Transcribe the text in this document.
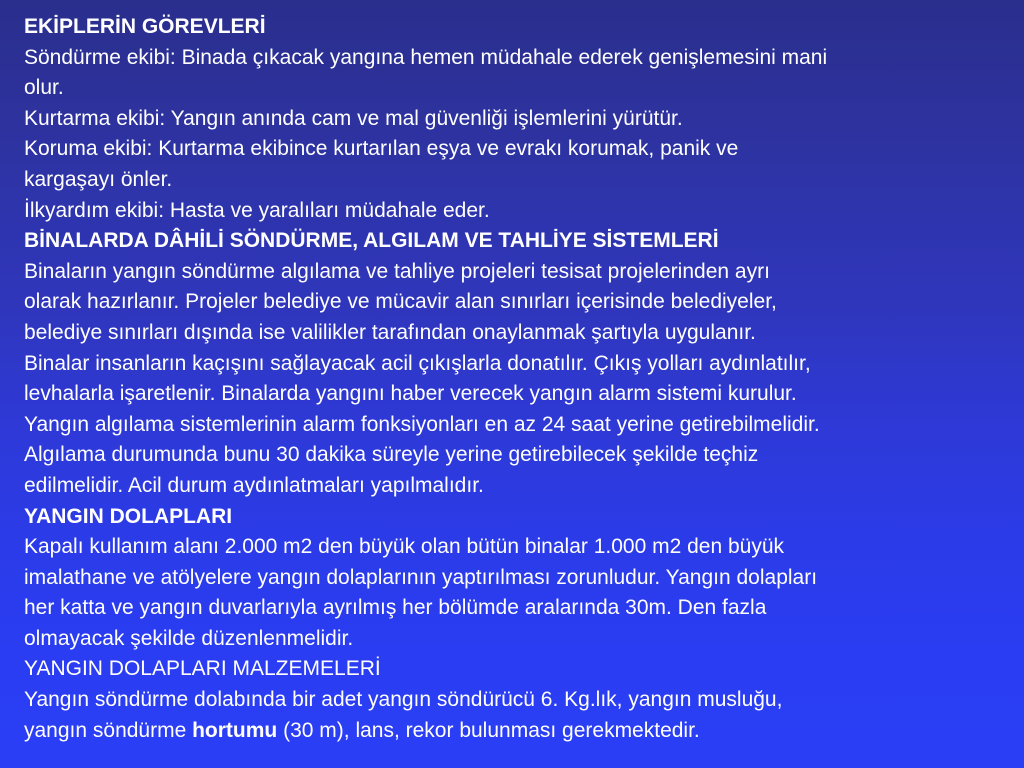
EKİPLERİN GÖREVLERİ
Söndürme ekibi: Binada çıkacak yangına hemen müdahale ederek genişlemesini mani
olur.
Kurtarma ekibi: Yangın anında cam ve mal güvenliği işlemlerini yürütür.
Koruma ekibi: Kurtarma ekibince kurtarılan eşya ve evrakı korumak, panik ve
kargaşayı önler.
İlkyardım ekibi: Hasta ve yaralıları müdahale eder.
BİNALARDA DÂHİLİ SÖNDÜRME, ALGILAM VE TAHLİYE SİSTEMLERİ
Binaların yangın söndürme algılama ve tahliye projeleri tesisat projelerinden ayrı
olarak hazırlanır. Projeler belediye ve mücavir alan sınırları içerisinde belediyeler,
belediye sınırları dışında ise valilikler tarafından onaylanmak şartıyla uygulanır.
Binalar insanların kaçışını sağlayacak acil çıkışlarla donatılır. Çıkış yolları aydınlatılır,
levhalarla işaretlenir. Binalarda yangını haber verecek yangın alarm sistemi kurulur.
Yangın algılama sistemlerinin alarm fonksiyonları en az 24 saat yerine getirebilmelidir.
Algılama durumunda bunu 30 dakika süreyle yerine getirebilecek şekilde teçhiz
edilmelidir. Acil durum aydınlatmaları yapılmalıdır.
YANGIN DOLAPLARI
Kapalı kullanım alanı 2.000 m2 den büyük olan bütün binalar 1.000 m2 den büyük
imalathane ve atölyelere yangın dolaplarının yaptırılması zorunludur. Yangın dolapları
her katta ve yangın duvarlarıyla ayrılmış her bölümde aralarında 30m. Den fazla
olmayacak şekilde düzenlenmelidir.
YANGIN DOLAPLARI MALZEMELERİ
Yangın söndürme dolabında bir adet yangın söndürücü 6. Kg.lık, yangın musluğu,
yangın söndürme hortumu (30 m), lans, rekor bulunması gerekmektedir.
